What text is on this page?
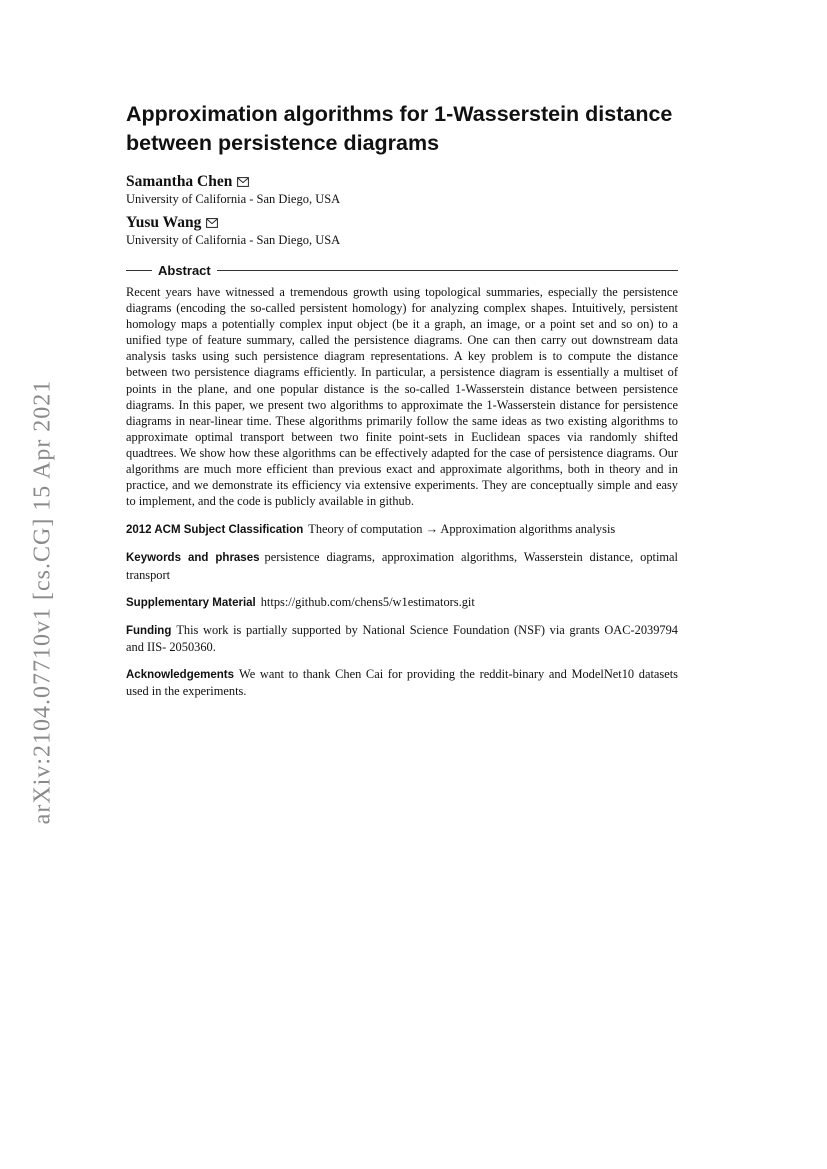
arXiv:2104.07710v1 [cs.CG] 15 Apr 2021
Approximation algorithms for 1-Wasserstein distance between persistence diagrams
Samantha Chen
University of California - San Diego, USA
Yusu Wang
University of California - San Diego, USA
Abstract

Recent years have witnessed a tremendous growth using topological summaries, especially the persistence diagrams (encoding the so-called persistent homology) for analyzing complex shapes. Intuitively, persistent homology maps a potentially complex input object (be it a graph, an image, or a point set and so on) to a unified type of feature summary, called the persistence diagrams. One can then carry out downstream data analysis tasks using such persistence diagram representations. A key problem is to compute the distance between two persistence diagrams efficiently. In particular, a persistence diagram is essentially a multiset of points in the plane, and one popular distance is the so-called 1-Wasserstein distance between persistence diagrams. In this paper, we present two algorithms to approximate the 1-Wasserstein distance for persistence diagrams in near-linear time. These algorithms primarily follow the same ideas as two existing algorithms to approximate optimal transport between two finite point-sets in Euclidean spaces via randomly shifted quadtrees. We show how these algorithms can be effectively adapted for the case of persistence diagrams. Our algorithms are much more efficient than previous exact and approximate algorithms, both in theory and in practice, and we demonstrate its efficiency via extensive experiments. They are conceptually simple and easy to implement, and the code is publicly available in github.

2012 ACM Subject Classification Theory of computation → Approximation algorithms analysis
Keywords and phrases persistence diagrams, approximation algorithms, Wasserstein distance, optimal transport
Supplementary Material https://github.com/chens5/w1estimators.git
Funding This work is partially supported by National Science Foundation (NSF) via grants OAC-2039794 and IIS- 2050360.
Acknowledgements We want to thank Chen Cai for providing the reddit-binary and ModelNet10 datasets used in the experiments.
